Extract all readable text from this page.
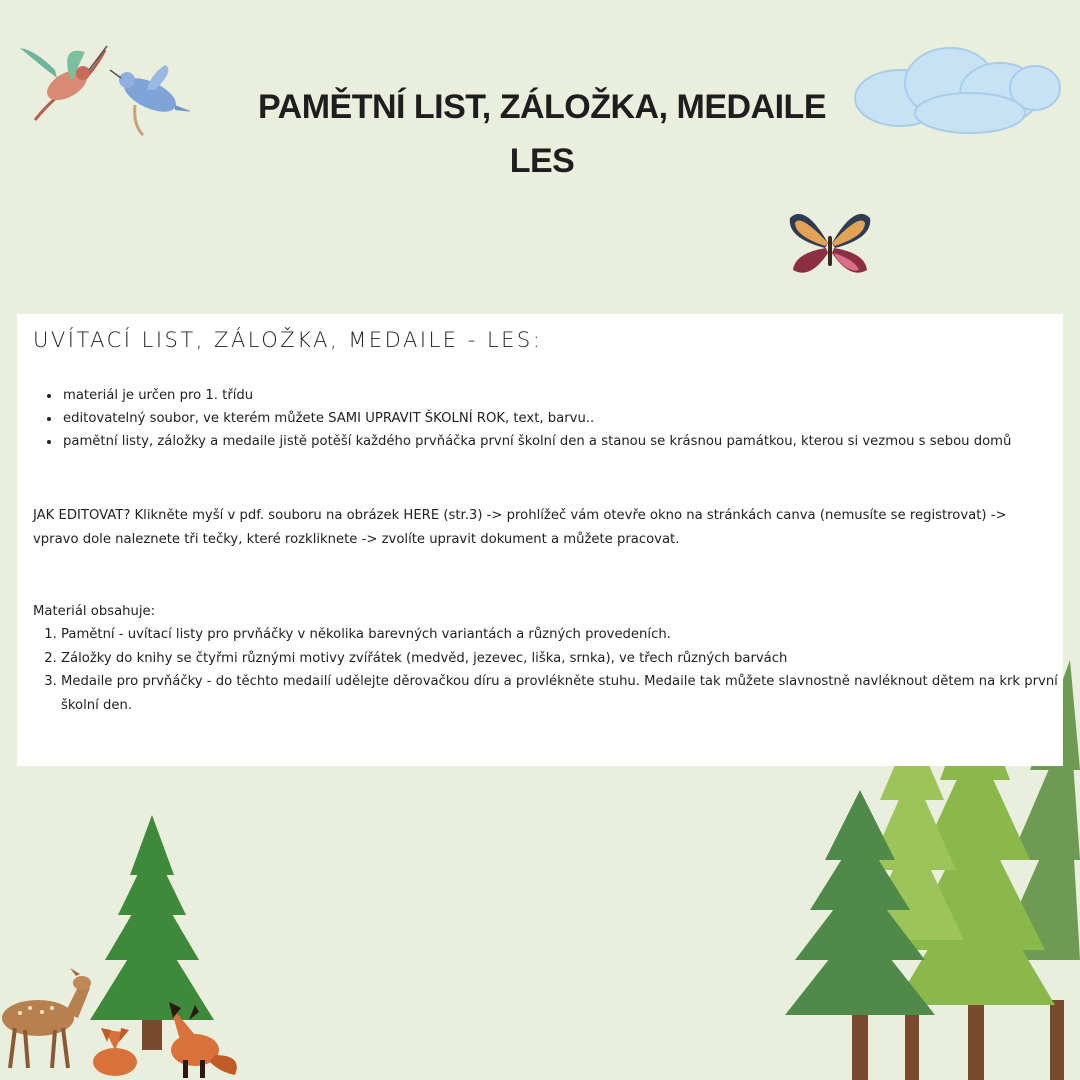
PAMĚTNÍ LIST, ZÁLOŽKA, MEDAILE
LES
UVÍTACÍ LIST, ZÁLOŽKA, MEDAILE - LES:
• materiál je určen pro 1. třídu
• editovatelný soubor, ve kterém můžete SAMI UPRAVIT ŠKOLNÍ ROK, text, barvu..
• pamětní listy, záložky a medaile jistě potěší každého prvňáčka první školní den a stanou se krásnou památkou, kterou si vezmou s sebou domů

JAK EDITOVAT? Klikněte myší v pdf. souboru na obrázek HERE (str.3) -> prohlížeč vám otevře okno na stránkách canva (nemusíte se registrovat) -> vpravo dole naleznete tři tečky, které rozkliknete -> zvolíte upravit dokument a můžete pracovat.

Materiál obsahuje:

1. Pamětní - uvítací listy pro prvňáčky v několika barevných variantách a různých provedeních.
2. Záložky do knihy se čtyřmi různými motivy zvířátek (medvěd, jezevec, liška, srnka), ve třech různých barvách
3. Medaile pro prvňáčky - do těchto medailí udělejte děrovačkou díru a provlékněte stuhu. Medaile tak můžete slavnostně navléknout dětem na krk první školní den.
